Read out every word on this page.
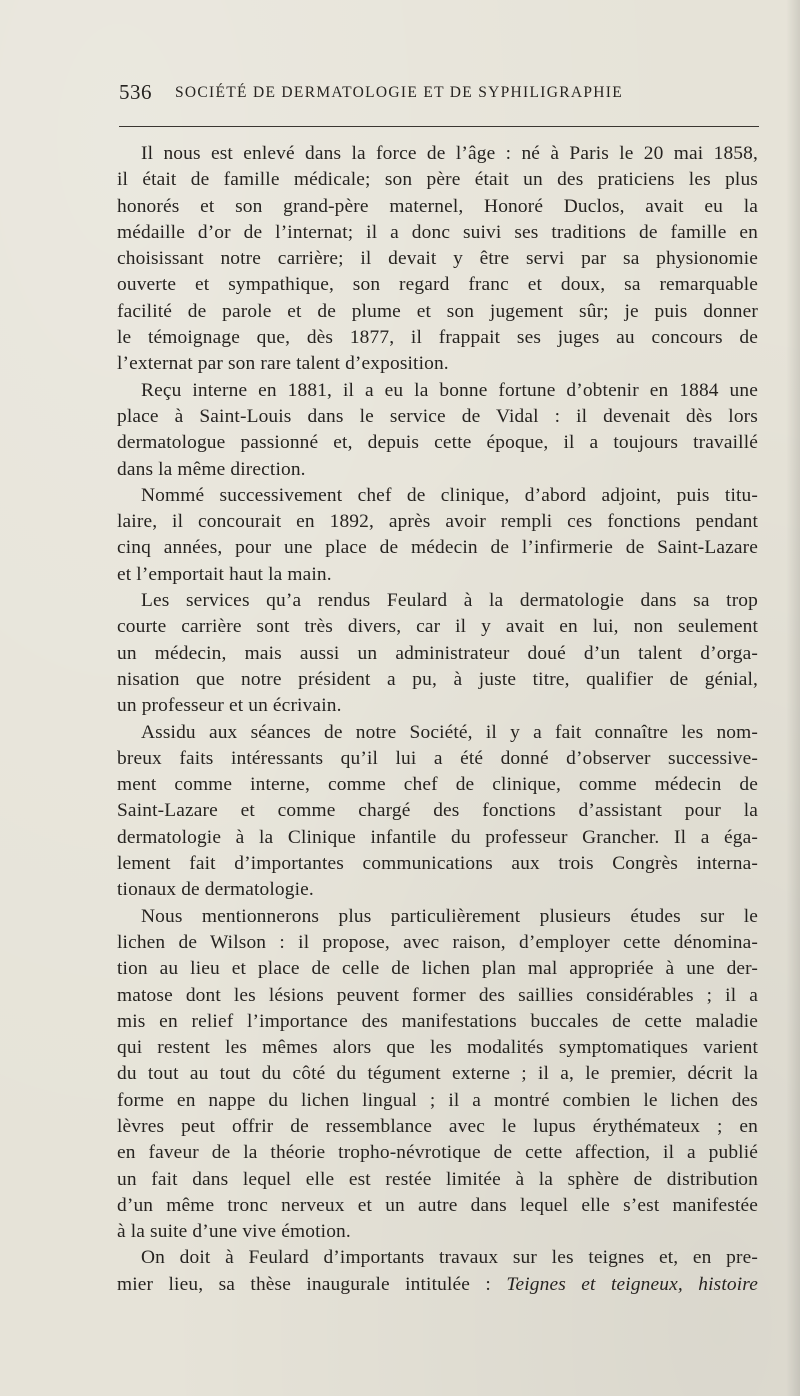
536 SOCIÉTÉ DE DERMATOLOGIE ET DE SYPHILIGRAPHIE
Il nous est enlevé dans la force de l’âge : né à Paris le 20 mai 1858,
il était de famille médicale; son père était un des praticiens les plus
honorés et son grand-père maternel, Honoré Duclos, avait eu la
médaille d’or de l’internat; il a donc suivi ses traditions de famille en
choisissant notre carrière; il devait y être servi par sa physionomie
ouverte et sympathique, son regard franc et doux, sa remarquable
facilité de parole et de plume et son jugement sûr; je puis donner
le témoignage que, dès 1877, il frappait ses juges au concours de
l’externat par son rare talent d’exposition.
Reçu interne en 1881, il a eu la bonne fortune d’obtenir en 1884 une
place à Saint-Louis dans le service de Vidal : il devenait dès lors
dermatologue passionné et, depuis cette époque, il a toujours travaillé
dans la même direction.
Nommé successivement chef de clinique, d’abord adjoint, puis titu-
laire, il concourait en 1892, après avoir rempli ces fonctions pendant
cinq années, pour une place de médecin de l’infirmerie de Saint-Lazare
et l’emportait haut la main.
Les services qu’a rendus Feulard à la dermatologie dans sa trop
courte carrière sont très divers, car il y avait en lui, non seulement
un médecin, mais aussi un administrateur doué d’un talent d’orga-
nisation que notre président a pu, à juste titre, qualifier de génial,
un professeur et un écrivain.
Assidu aux séances de notre Société, il y a fait connaître les nom-
breux faits intéressants qu’il lui a été donné d’observer successive-
ment comme interne, comme chef de clinique, comme médecin de
Saint-Lazare et comme chargé des fonctions d’assistant pour la
dermatologie à la Clinique infantile du professeur Grancher. Il a éga-
lement fait d’importantes communications aux trois Congrès interna-
tionaux de dermatologie.
Nous mentionnerons plus particulièrement plusieurs études sur le
lichen de Wilson : il propose, avec raison, d’employer cette dénomina-
tion au lieu et place de celle de lichen plan mal appropriée à une der-
matose dont les lésions peuvent former des saillies considérables ; il a
mis en relief l’importance des manifestations buccales de cette maladie
qui restent les mêmes alors que les modalités symptomatiques varient
du tout au tout du côté du tégument externe ; il a, le premier, décrit la
forme en nappe du lichen lingual ; il a montré combien le lichen des
lèvres peut offrir de ressemblance avec le lupus érythémateux ; en
en faveur de la théorie tropho-névrotique de cette affection, il a publié
un fait dans lequel elle est restée limitée à la sphère de distribution
d’un même tronc nerveux et un autre dans lequel elle s’est manifestée
à la suite d’une vive émotion.
On doit à Feulard d’importants travaux sur les teignes et, en pre-
mier lieu, sa thèse inaugurale intitulée : Teignes et teigneux, histoire
